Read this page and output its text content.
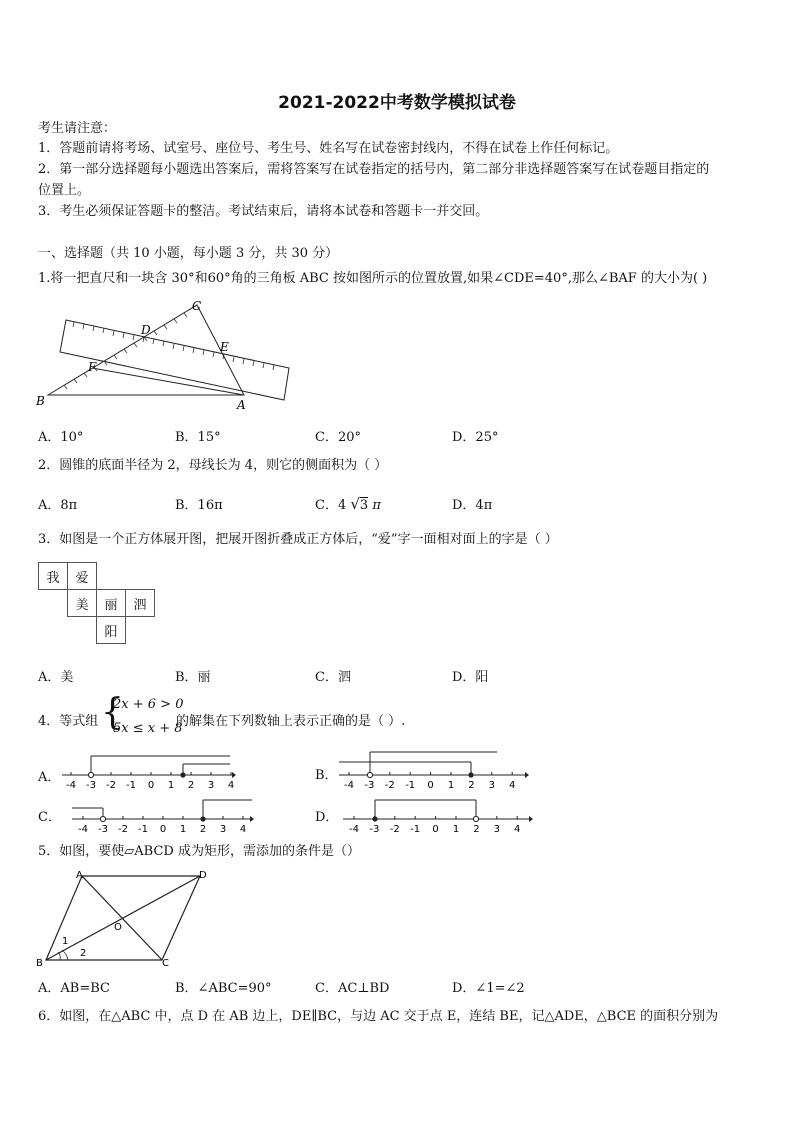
2021-2022中考数学模拟试卷
考生请注意：
1．答题前请将考场、试室号、座位号、考生号、姓名写在试卷密封线内，不得在试卷上作任何标记。
2．第一部分选择题每小题选出答案后，需将答案写在试卷指定的括号内，第二部分非选择题答案写在试卷题目指定的
位置上。
3．考生必须保证答题卡的整洁。考试结束后，请将本试卷和答题卡一并交回。
一、选择题（共 10 小题，每小题 3 分，共 30 分）
1.将一把直尺和一块含 30°和60°角的三角板 ABC 按如图所示的位置放置,如果∠CDE=40°,那么∠BAF 的大小为( )
C
D
E
F
B	A
A．10°	B．15°	C．20°	D．25°
2．圆锥的底面半径为 2，母线长为 4，则它的侧面积为（ ）
A．8π	B．16π	C．4 √3 π	D．4π
3．如图是一个正方体展开图，把展开图折叠成正方体后，“爱”字一面相对面上的字是（ ）
我	爱		
	美	丽	泗
		阳	
A．美	B．丽	C．泗	D．阳
4．等式组 {
2x + 6 > 0
5x ≤ x + 8
的解集在下列数轴上表示正确的是（ ）.
A．
-4 -3 -2 -1 0 1 2 3 4
B．
-4 -3 -2 -1 0 1 2 3 4
C．
-4 -3 -2 -1 0 1 2 3 4
D．
-4 -3 -2 -1 0 1 2 3 4
5．如图，要使▱ABCD 成为矩形，需添加的条件是（）
A	D
B	C
O
1
2
A．AB=BC	B．∠ABC=90°	C．AC⊥BD	D．∠1=∠2
6．如图，在△ABC 中，点 D 在 AB 边上，DE∥BC，与边 AC 交于点 E，连结 BE，记△ADE，△BCE 的面积分别为
